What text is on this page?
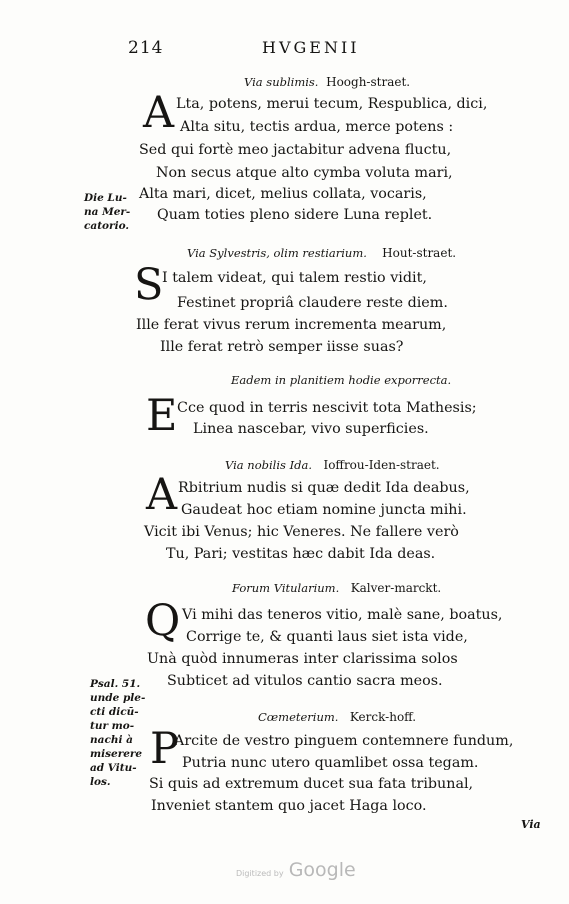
214	HVGENII
Via sublimis. Hoogh-straet.
A Lta, potens, merui tecum, Respublica, dici,
Alta situ, tectis ardua, merce potens :
Sed qui fortè meo jactabitur advena fluctu,
Non secus atque alto cymba voluta mari,
Alta mari, dicet, melius collata, vocaris,
Quam toties pleno sidere Luna replet.
Die Lu-
na Mer-
catorio.
Via Sylvestris, olim restiarium. Hout-straet.
S
I talem videat, qui talem restio vidit,
Festinet propriâ claudere reste diem.
Ille ferat vivus rerum incrementa mearum,
Ille ferat retrò semper iisse suas?
Eadem in planitiem hodie exporrecta.
E Cce quod in terris nescivit tota Mathesis;
Linea nascebar, vivo superficies.
Via nobilis Ida. Ioffrou-Iden-straet.
A Rbitrium nudis si quæ dedit Ida deabus,
Gaudeat hoc etiam nomine juncta mihi.
Vicit ibi Venus; hic Veneres. Ne fallere verò
Tu, Pari; vestitas hæc dabit Ida deas.
Forum Vitularium. Kalver-marckt.
Q Vi mihi das teneros vitio, malè sane, boatus,
Corrige te, & quanti laus siet ista vide,
Unà quòd innumeras inter clarissima solos
Subticet ad vitulos cantio sacra meos.
Psal. 51.
unde ple-
cti dicū-
tur mo-
nachi à
miserere
ad Vitu-
los.
Cœmeterium. Kerck-hoff.
P
Arcite de vestro pinguem contemnere fundum,
Putria nunc utero quamlibet ossa tegam.
Si quis ad extremum ducet sua fata tribunal,
Inveniet stantem quo jacet Haga loco.
Via
Digitized by Google
